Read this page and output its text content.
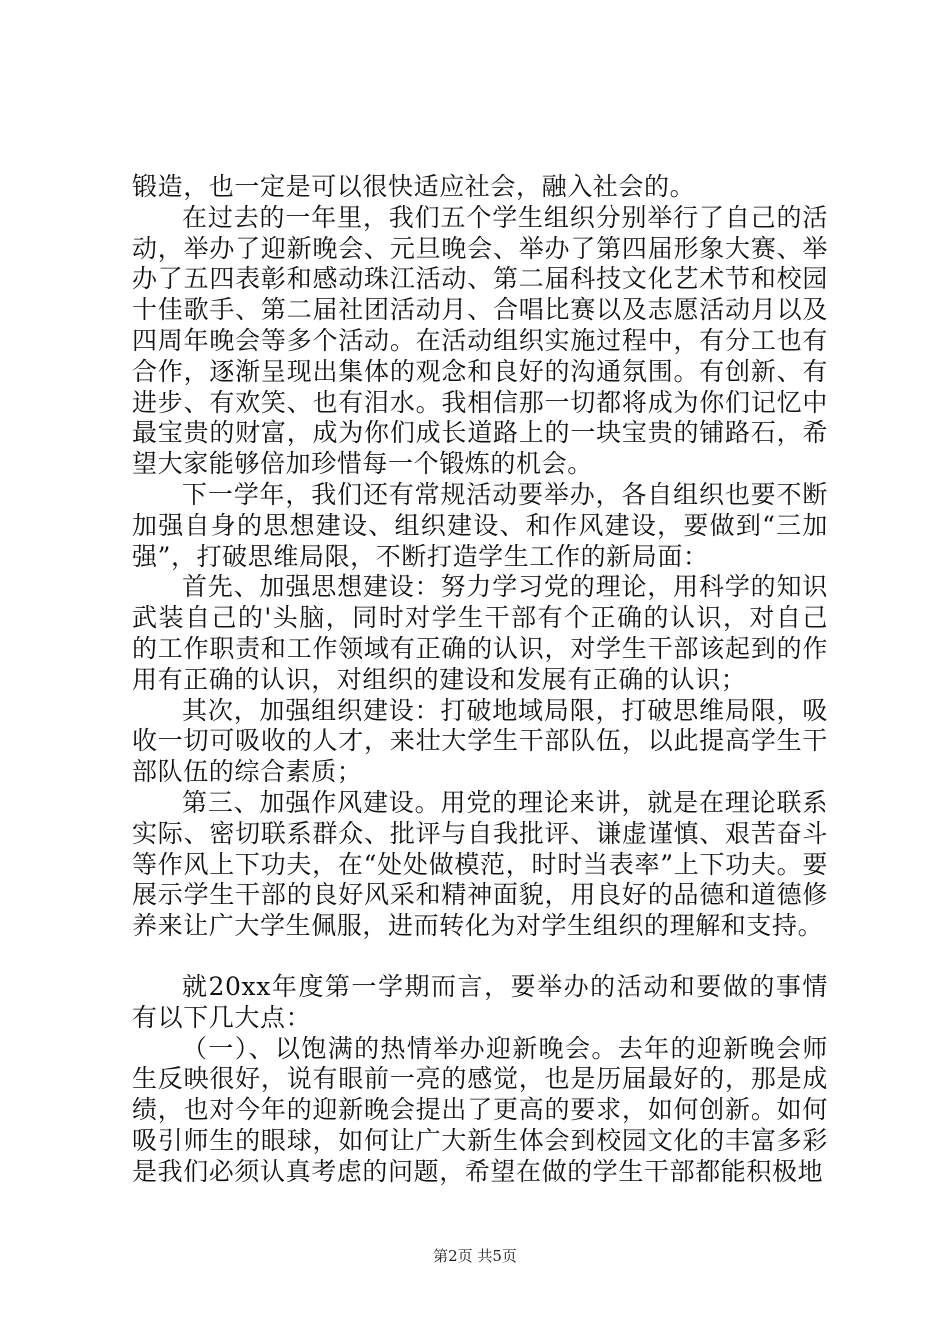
锻造，也一定是可以很快适应社会，融入社会的。

在过去的一年里，我们五个学生组织分别举行了自己的活动，举办了迎新晚会、元旦晚会、举办了第四届形象大赛、举办了五四表彰和感动珠江活动、第二届科技文化艺术节和校园十佳歌手、第二届社团活动月、合唱比赛以及志愿活动月以及四周年晚会等多个活动。在活动组织实施过程中，有分工也有合作，逐渐呈现出集体的观念和良好的沟通氛围。有创新、有进步、有欢笑、也有泪水。我相信那一切都将成为你们记忆中最宝贵的财富，成为你们成长道路上的一块宝贵的铺路石，希望大家能够倍加珍惜每一个锻炼的机会。

下一学年，我们还有常规活动要举办，各自组织也要不断加强自身的思想建设、组织建设、和作风建设，要做到“三加强”，打破思维局限，不断打造学生工作的新局面：

首先、加强思想建设：努力学习党的理论，用科学的知识武装自己的'头脑，同时对学生干部有个正确的认识，对自己的工作职责和工作领域有正确的认识，对学生干部该起到的作用有正确的认识，对组织的建设和发展有正确的认识；

其次，加强组织建设：打破地域局限，打破思维局限，吸收一切可吸收的人才，来壮大学生干部队伍，以此提高学生干部队伍的综合素质；

第三、加强作风建设。用党的理论来讲，就是在理论联系实际、密切联系群众、批评与自我批评、谦虚谨慎、艰苦奋斗等作风上下功夫，在“处处做模范，时时当表率”上下功夫。要展示学生干部的良好风采和精神面貌，用良好的品德和道德修养来让广大学生佩服，进而转化为对学生组织的理解和支持。

就20xx年度第一学期而言，要举办的活动和要做的事情有以下几大点：

（一）、以饱满的热情举办迎新晚会。去年的迎新晚会师生反映很好，说有眼前一亮的感觉，也是历届最好的，那是成绩，也对今年的迎新晚会提出了更高的要求，如何创新。如何吸引师生的眼球，如何让广大新生体会到校园文化的丰富多彩是我们必须认真考虑的问题，希望在做的学生干部都能积极地

第2页 共5页
